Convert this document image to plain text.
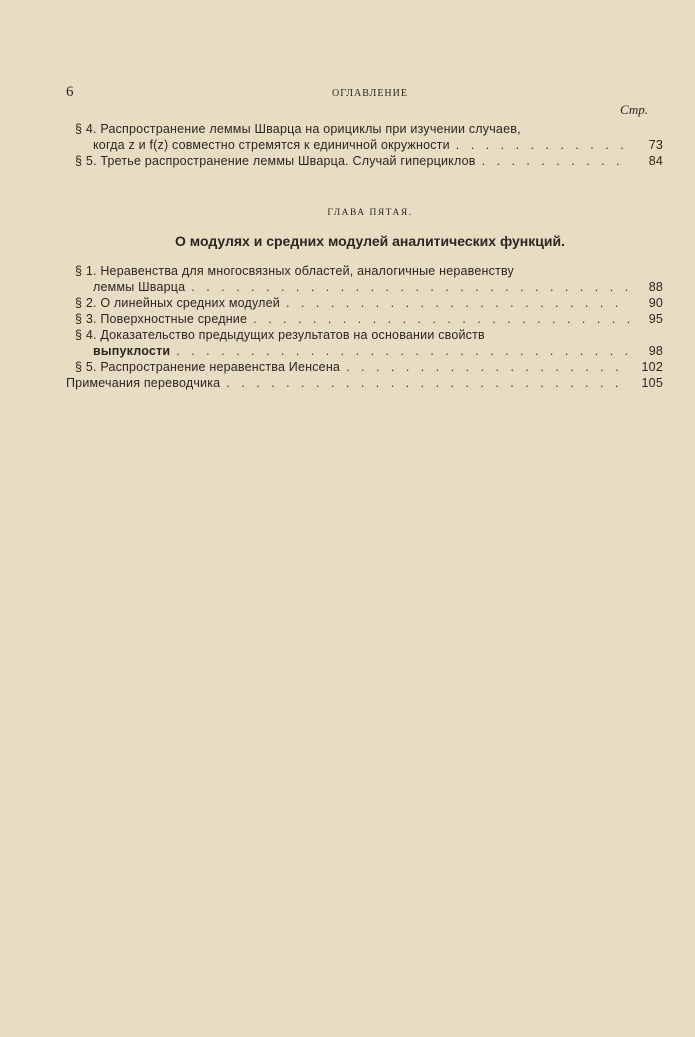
6	ОГЛАВЛЕНИЕ
Стр.
§ 4. Распространение леммы Шварца на орициклы при изучении случаев,
когда z и f(z) совместно стремятся к единичной окружности . . .	73
§ 5. Третье распространение леммы Шварца. Случай гиперциклов . . .	84
ГЛАВА ПЯТАЯ.
О модулях и средних модулей аналитических функций.
§ 1. Неравенства для многосвязных областей, аналогичные неравенству
леммы Шварца . . .	88
§ 2. О линейных средних модулей . . .	90
§ 3. Поверхностные средние . . .	95
§ 4. Доказательство предыдущих результатов на основании свойств
выпуклости . . .	98
§ 5. Распространение неравенства Иенсена . . .	102
Примечания переводчика . . .	105
